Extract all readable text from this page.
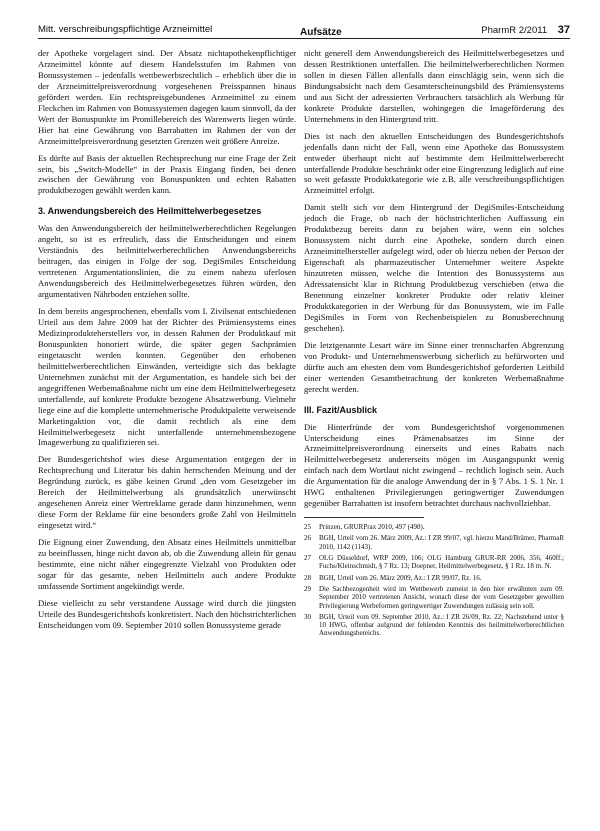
Mitt. verschreibungspflichtige Arzneimittel	Aufsätze	PharmR 2/2011 37

der Apotheke vorgelagert sind. Der Absatz nichtapothekenpflichtiger Arzneimittel könnte auf diesem Handelsstufen im Rahmen von Bonussystemen – jedenfalls wettbewerbsrechtlich – erheblich über die in der Arzneimittelpreisverordnung vorgesehenen Preisspannen hinaus gefördert werden. Ein rechtspreisgebundenes Arzneimittel zu einem Fleckchen im Rahmen von Bonussystemen dagegen kaum sinnvoll, da der Wert der Bonuspunkte im Promillebereich des Warenwerts liegen würde. Hier hat eine Gewährung von Barrabatten im Rahmen der von der Arzneimittelpreisverordnung gesetzten Grenzen weit größere Anreize.

Es dürfte auf Basis der aktuellen Rechtsprechung nur eine Frage der Zeit sein, bis „Switch-Modelle“ in der Praxis Eingang finden, bei denen zwischen der Gewährung von Bonuspunkten und echten Rabatten produktbezogen gewählt werden kann.

3. Anwendungsbereich des Heilmittelwerbegesetzes

Was den Anwendungsbereich der heilmittelwerberechtlichen Regelungen angeht, so ist es erfreulich, dass die Entscheidungen und einem Verständnis des heilmittelwerberechtlichen Anwendungsbereichs beitragen, das einigen in Folge der sog. DegiSmiles Entscheidung vertretenen Argumentationslinien, die zu einem nahezu uferlosen Anwendungsbereich des Heilmittelwerbegesetzes führen würden, den argumentativen Nährboden entziehen sollte.

In dem bereits angesprochenen, ebenfalls vom I. Zivilsenat entschiedenen Urteil aus dem Jahre 2009 hat der Richter des Prämiensystems eines Medizinprodukteherstellers vor, in dessen Rahmen der Produktkauf mit Bonuspunkten honoriert würde, die später gegen Sachprämien eingetauscht werden konnten. Gegenüber den erhobenen heilmittelwerberechtlichen Einwänden, verteidigte sich das beklagte Unternehmen zunächst mit der Argumentation, es handele sich bei der angegriffenen Werbemaßnahme nicht um eine dem Heilmittelwerbegesetz unterfallende, auf konkrete Produkte bezogene Absatzwerbung. Vielmehr liege eine auf die komplette unternehmerische Produktpalette verweisende Marketingaktion vor, die damit rechtlich als eine dem Heilmittelwerbegesetz nicht unterfallende unternehmensbezogene Imagewerbung zu qualifizieren sei.

Der Bundesgerichtshof wies diese Argumentation entgegen der in Rechtsprechung und Literatur bis dahin herrschenden Meinung und der Begründung zurück, es gäbe keinen Grund „den vom Gesetzgeber im Bereich der Heilmittelwerbung als grundsätzlich unerwünscht angesehenen Anreiz einer Wertreklame gerade dann hinzunehmen, wenn diese Form der Reklame für eine besonders große Zahl von Heilmitteln eingesetzt wird.“

Die Eignung einer Zuwendung, den Absatz eines Heilmittels unmittelbar zu beeinflussen, hinge nicht davon ab, ob die Zuwendung allein für genau bestimmte, eine nicht näher eingegrenzte Vielzahl von Produkten oder sogar für das gesamte, neben Heilmitteln auch andere Produkte umfassende Sortiment angekündigt werde.

Diese vielleicht zu sehr verstandene Aussage wird durch die jüngsten Urteile des Bundesgerichtshofs konkretisiert. Nach den höchstrichterlichen Entscheidungen vom 09. September 2010 sollen Bonussysteme gerade

nicht generell dem Anwendungsbereich des Heilmittelwerbegesetzes und dessen Restriktionen unterfallen. Die heilmittelwerberechtlichen Normen sollen in diesen Fällen allenfalls dann einschlägig sein, wenn sich die Bindungsabsicht nach dem Gesamterscheinungsbild des Prämiensystems und aus Sicht der adressierten Verbrauchers tatsächlich als Werbung für konkrete Produkte darstellen, wohingegen die Imageförderung des Unternehmens in den Hintergrund tritt.

Dies ist nach den aktuellen Entscheidungen des Bundesgerichtshofs jedenfalls dann nicht der Fall, wenn eine Apotheke das Bonussystem entweder überhaupt nicht auf bestimmte dem Heilmittelwerberecht unterfallende Produkte beschränkt oder eine Eingrenzung lediglich auf eine so weit gefasste Produktkategorie wie z.B. alle verschreibungspflichtigen Arzneimittel erfolgt.

Damit stellt sich vor dem Hintergrund der DegiSmiles-Entscheidung jedoch die Frage, ob nach der höchstrichterlichen Auffassung ein Produktbezug bereits dann zu bejahen wäre, wenn ein solches Bonussystem nicht durch eine Apotheke, sondern durch einen Arzneimittelhersteller aufgelegt wird, oder ob hierzu neben der Person der Eigenschaft als pharmazeutischer Unternehmer weitere Aspekte hinzutreten müssen, welche die Intention des Bonussystems aus Adressatensicht klar in Richtung Produktbezug verschieben (etwa die Benennung einzelner konkreter Produkte oder relativ kleiner Produktkategorien in der Werbung für das Bonussystem, wie im Falle DegiSmiles in Form von Rechenbeispielen zu Bonusberechnung geschehen).

Die letztgenannte Lesart wäre im Sinne einer trennscharfen Abgrenzung von Produkt- und Unternehmenswerbung sicherlich zu befürworten und dürfte auch am ehesten dem vom Bundesgerichtshof geforderten Leitbild einer wertenden Gesamtbetrachtung der konkreten Werbemaßnahme gerecht werden.

III. Fazit/Ausblick

Die Hinterfründe der vom Bundesgerichtshof vorgenommenen Unterscheidung eines Prämenabsatzes im Sinne der Arzneimittelpreisverordnung einerseits und eines Rabatts nach Heilmittelwerbegesetz andererseits mögen im Ausgangspunkt wenig einfach nach dem Wortlaut nicht zwingend – rechtlich logisch sein. Auch die Argumentation für die analoge Anwendung der in § 7 Abs. 1 S. 1 Nr. 1 HWG enthaltenen Privilegierungen geringwertiger Zuwendungen gegenüber Barrabatten ist insofern betrachtet durchaus nachvollziehbar.

25	Prinzen, GRURPrax 2010, 497 (498).
26	BGH, Urteil vom 26. März 2009, Az.: I ZR 99/07, vgl. hierzu Mand/Brämer, PharmaR 2010, 1142 (1143).
27	OLG Düsseldorf, WRP 2009, 106; OLG Hamburg GRUR-RR 2006, 356, 460ff.; Fuchs/Kleinschmidt, § 7 Rz. 13; Doepner, Heilmittelwerbegesetz, § 1 Rz. 18 m. N.
28	BGH, Urteil vom 26. März 2009, Az.: I ZR 99/07, Rz. 16.
29	Die Sachbezogenheit wird im Wettbewerb zumeist in den hier erwähnten zum 09. September 2010 vertretenen Ansicht, wonach diese der vom Gesetzgeber gewollten Privilegierung Werbeformen geringwertiger Zuwendungen zulässig sein soll.
30	BGH, Urteil vom 09. September 2010, Az.: I ZR 26/09, Rz. 22; Nachstehend unter § 10 HWG, offenbar aufgrund der fehlenden Kenntnis des heilmittelwerberechtlichen Anwendungsbereichs.
